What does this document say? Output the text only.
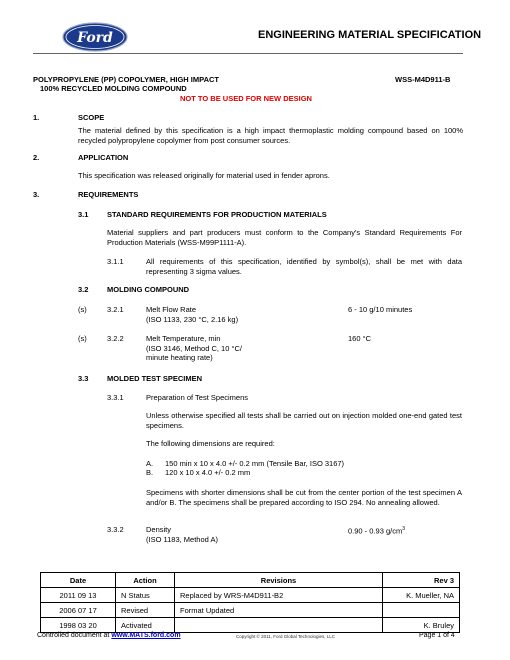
Ford	ENGINEERING MATERIAL SPECIFICATION
POLYPROPYLENE (PP) COPOLYMER, HIGH IMPACT	WSS-M4D911-B
100% RECYCLED MOLDING COMPOUND
NOT TO BE USED FOR NEW DESIGN
1.	SCOPE
The material defined by this specification is a high impact thermoplastic molding compound based on 100% recycled polypropylene copolymer from post consumer sources.
2.	APPLICATION
This specification was released originally for material used in fender aprons.
3.	REQUIREMENTS
3.1 STANDARD REQUIREMENTS FOR PRODUCTION MATERIALS
Material suppliers and part producers must conform to the Company's Standard Requirements For Production Materials (WSS-M99P1111-A).
3.1.1	All requirements of this specification, identified by symbol(s), shall be met with data representing 3 sigma values.
3.2 MOLDING COMPOUND
(s)	3.2.1	Melt Flow Rate
(ISO 1133, 230 °C, 2.16 kg)
6 - 10 g/10 minutes
(s)	3.2.2	Melt Temperature, min
(ISO 3146, Method C, 10 °C/
minute heating rate)
160 °C
3.3 MOLDED TEST SPECIMEN
3.3.1	Preparation of Test Specimens
Unless otherwise specified all tests shall be carried out on injection molded one-end gated test specimens.
The following dimensions are required:
A. 150 min x 10 x 4.0 +/- 0.2 mm (Tensile Bar, ISO 3167)
B. 120 x 10 x 4.0 +/- 0.2 mm
Specimens with shorter dimensions shall be cut from the center portion of the test specimen A and/or B. The specimens shall be prepared according to ISO 294. No annealing allowed.
3.3.2	Density
(ISO 1183, Method A)
0.90 - 0.93 $g/cm^3$
Date	Action	Revisions	Rev 3
2011 09 13	N Status	Replaced by WRS-M4D911-B2	K. Mueller, NA
2006 07 17	Revised	Format Updated	
1998 03 20	Activated		K. Bruley
Controlled document at www.MATS.ford.com	Copyright © 2011, Ford Global Technologies, LLC	Page 1 of 4
